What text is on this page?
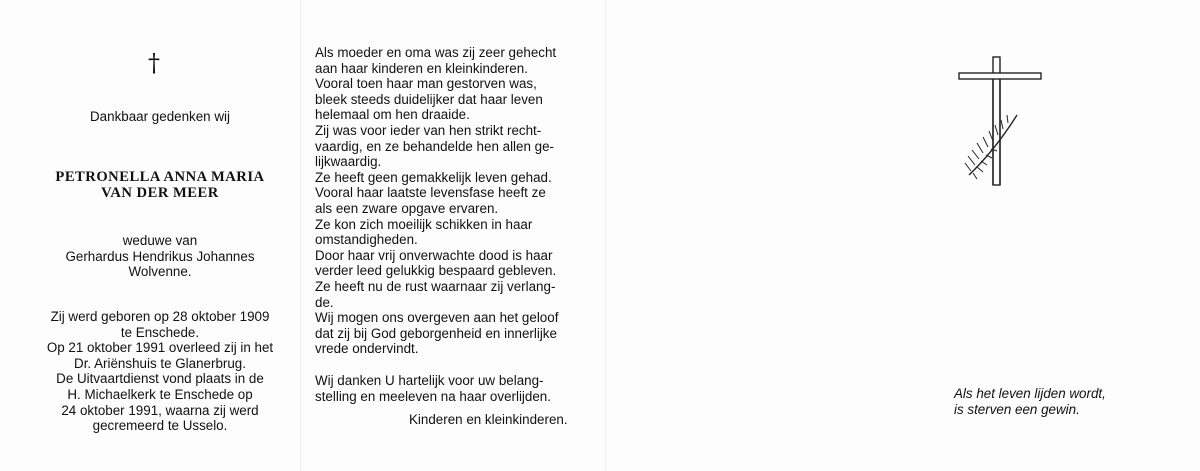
†
Dankbaar gedenken wij
PETRONELLA ANNA MARIA
VAN DER MEER
weduwe van
Gerhardus Hendrikus Johannes
Wolvenne.
Zij werd geboren op 28 oktober 1909
te Enschede.
Op 21 oktober 1991 overleed zij in het
Dr. Ariënshuis te Glanerbrug.
De Uitvaartdienst vond plaats in de
H. Michaelkerk te Enschede op
24 oktober 1991, waarna zij werd
gecremeerd te Usselo.
Als moeder en oma was zij zeer gehecht
aan haar kinderen en kleinkinderen.
Vooral toen haar man gestorven was,
bleek steeds duidelijker dat haar leven
helemaal om hen draaide.
Zij was voor ieder van hen strikt recht-
vaardig, en ze behandelde hen allen ge-
lijkwaardig.
Ze heeft geen gemakkelijk leven gehad.
Vooral haar laatste levensfase heeft ze
als een zware opgave ervaren.
Ze kon zich moeilijk schikken in haar
omstandigheden.
Door haar vrij onverwachte dood is haar
verder leed gelukkig bespaard gebleven.
Ze heeft nu de rust waarnaar zij verlang-
de.
Wij mogen ons overgeven aan het geloof
dat zij bij God geborgenheid en innerlijke
vrede ondervindt.
Wij danken U hartelijk voor uw belang-
stelling en meeleven na haar overlijden.
Kinderen en kleinkinderen.
Als het leven lijden wordt,
is sterven een gewin.
